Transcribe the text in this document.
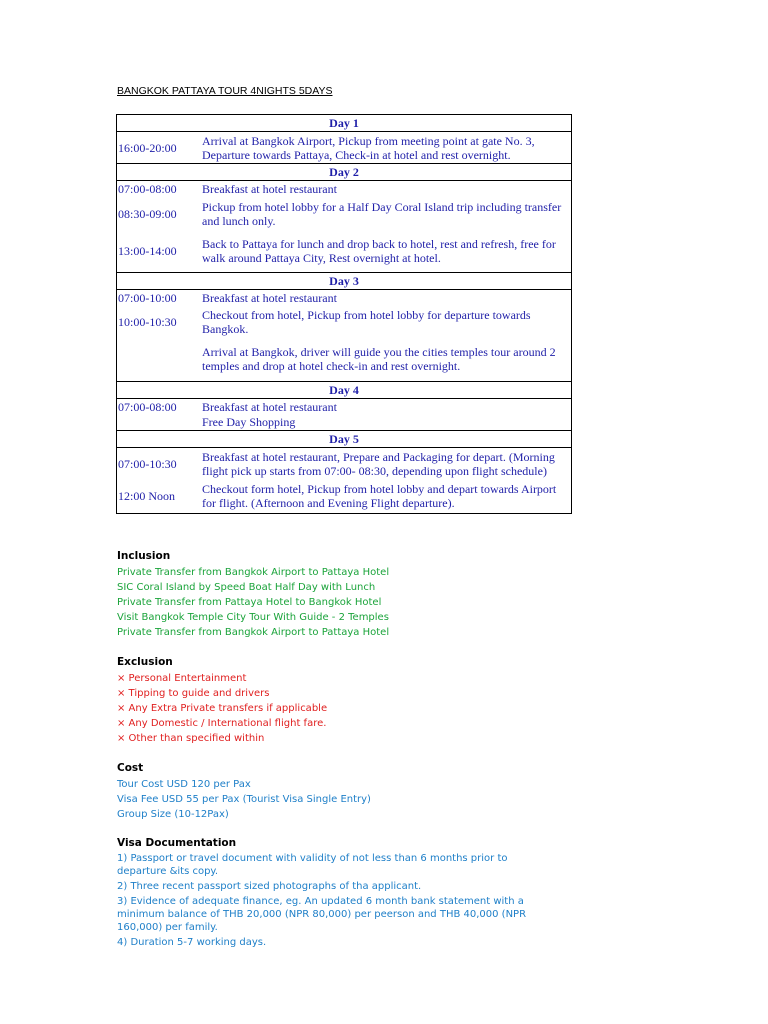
BANGKOK PATTAYA TOUR 4NIGHTS 5DAYS
Day 1	
16:00-20:00	Arrival at Bangkok Airport, Pickup from meeting point at gate No. 3, Departure towards Pattaya, Check-in at hotel and rest overnight.
Day 2	
07:00-08:00	Breakfast at hotel restaurant
08:30-09:00	Pickup from hotel lobby for a Half Day Coral Island trip including transfer and lunch only.
13:00-14:00	Back to Pattaya for lunch and drop back to hotel, rest and refresh, free for walk around Pattaya City, Rest overnight at hotel.
Day 3	
07:00-10:00	Breakfast at hotel restaurant
10:00-10:30	Checkout from hotel, Pickup from hotel lobby for departure towards Bangkok.
	Arrival at Bangkok, driver will guide you the cities temples tour around 2 temples and drop at hotel check-in and rest overnight.
Day 4	
07:00-08:00	Breakfast at hotel restaurant
	Free Day Shopping
Day 5	
07:00-10:30	Breakfast at hotel restaurant, Prepare and Packaging for depart. (Morning flight pick up starts from 07:00- 08:30, depending upon flight schedule)
12:00 Noon	Checkout form hotel, Pickup from hotel lobby and depart towards Airport for flight. (Afternoon and Evening Flight departure).
Inclusion
Private Transfer from Bangkok Airport to Pattaya Hotel
SIC Coral Island by Speed Boat Half Day with Lunch
Private Transfer from Pattaya Hotel to Bangkok Hotel
Visit Bangkok Temple City Tour With Guide - 2 Temples
Private Transfer from Bangkok Airport to Pattaya Hotel
Exclusion
× Personal Entertainment
× Tipping to guide and drivers
× Any Extra Private transfers if applicable
× Any Domestic / International flight fare.
× Other than specified within
Cost
Tour Cost USD 120 per Pax
Visa Fee USD 55 per Pax (Tourist Visa Single Entry)
Group Size (10-12Pax)
Visa Documentation
1) Passport or travel document with validity of not less than 6 months prior to departure &its copy.
2) Three recent passport sized photographs of tha applicant.
3) Evidence of adequate finance, eg. An updated 6 month bank statement with a minimum balance of THB 20,000 (NPR 80,000) per peerson and THB 40,000 (NPR 160,000) per family.
4) Duration 5-7 working days.
